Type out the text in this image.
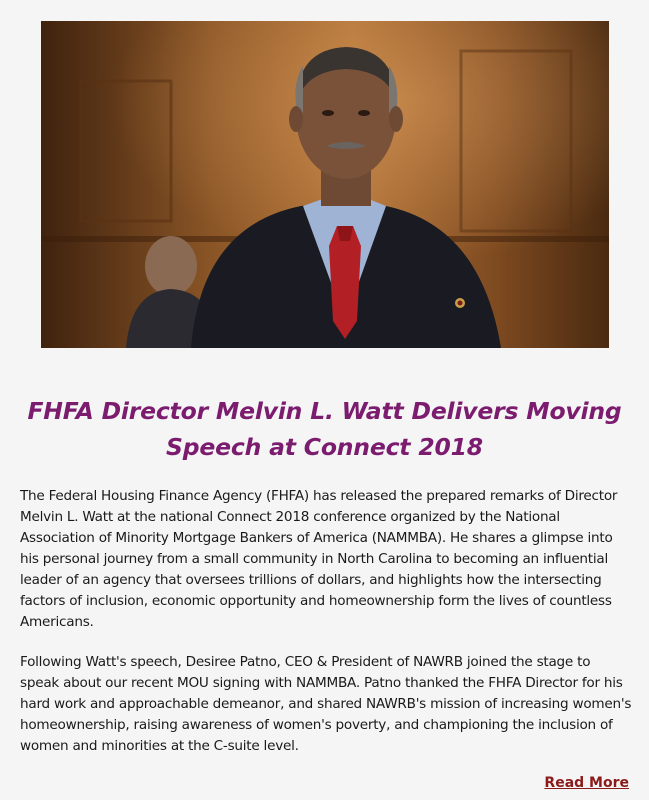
FHFA Director Melvin L. Watt Delivers Moving Speech at Connect 2018

The Federal Housing Finance Agency (FHFA) has released the prepared remarks of Director Melvin L. Watt at the national Connect 2018 conference organized by the National Association of Minority Mortgage Bankers of America (NAMMBA). He shares a glimpse into his personal journey from a small community in North Carolina to becoming an influential leader of an agency that oversees trillions of dollars, and highlights how the intersecting factors of inclusion, economic opportunity and homeownership form the lives of countless Americans.

Following Watt's speech, Desiree Patno, CEO & President of NAWRB joined the stage to speak about our recent MOU signing with NAMMBA. Patno thanked the FHFA Director for his hard work and approachable demeanor, and shared NAWRB's mission of increasing women's homeownership, raising awareness of women's poverty, and championing the inclusion of women and minorities at the C-suite level.

Read More
